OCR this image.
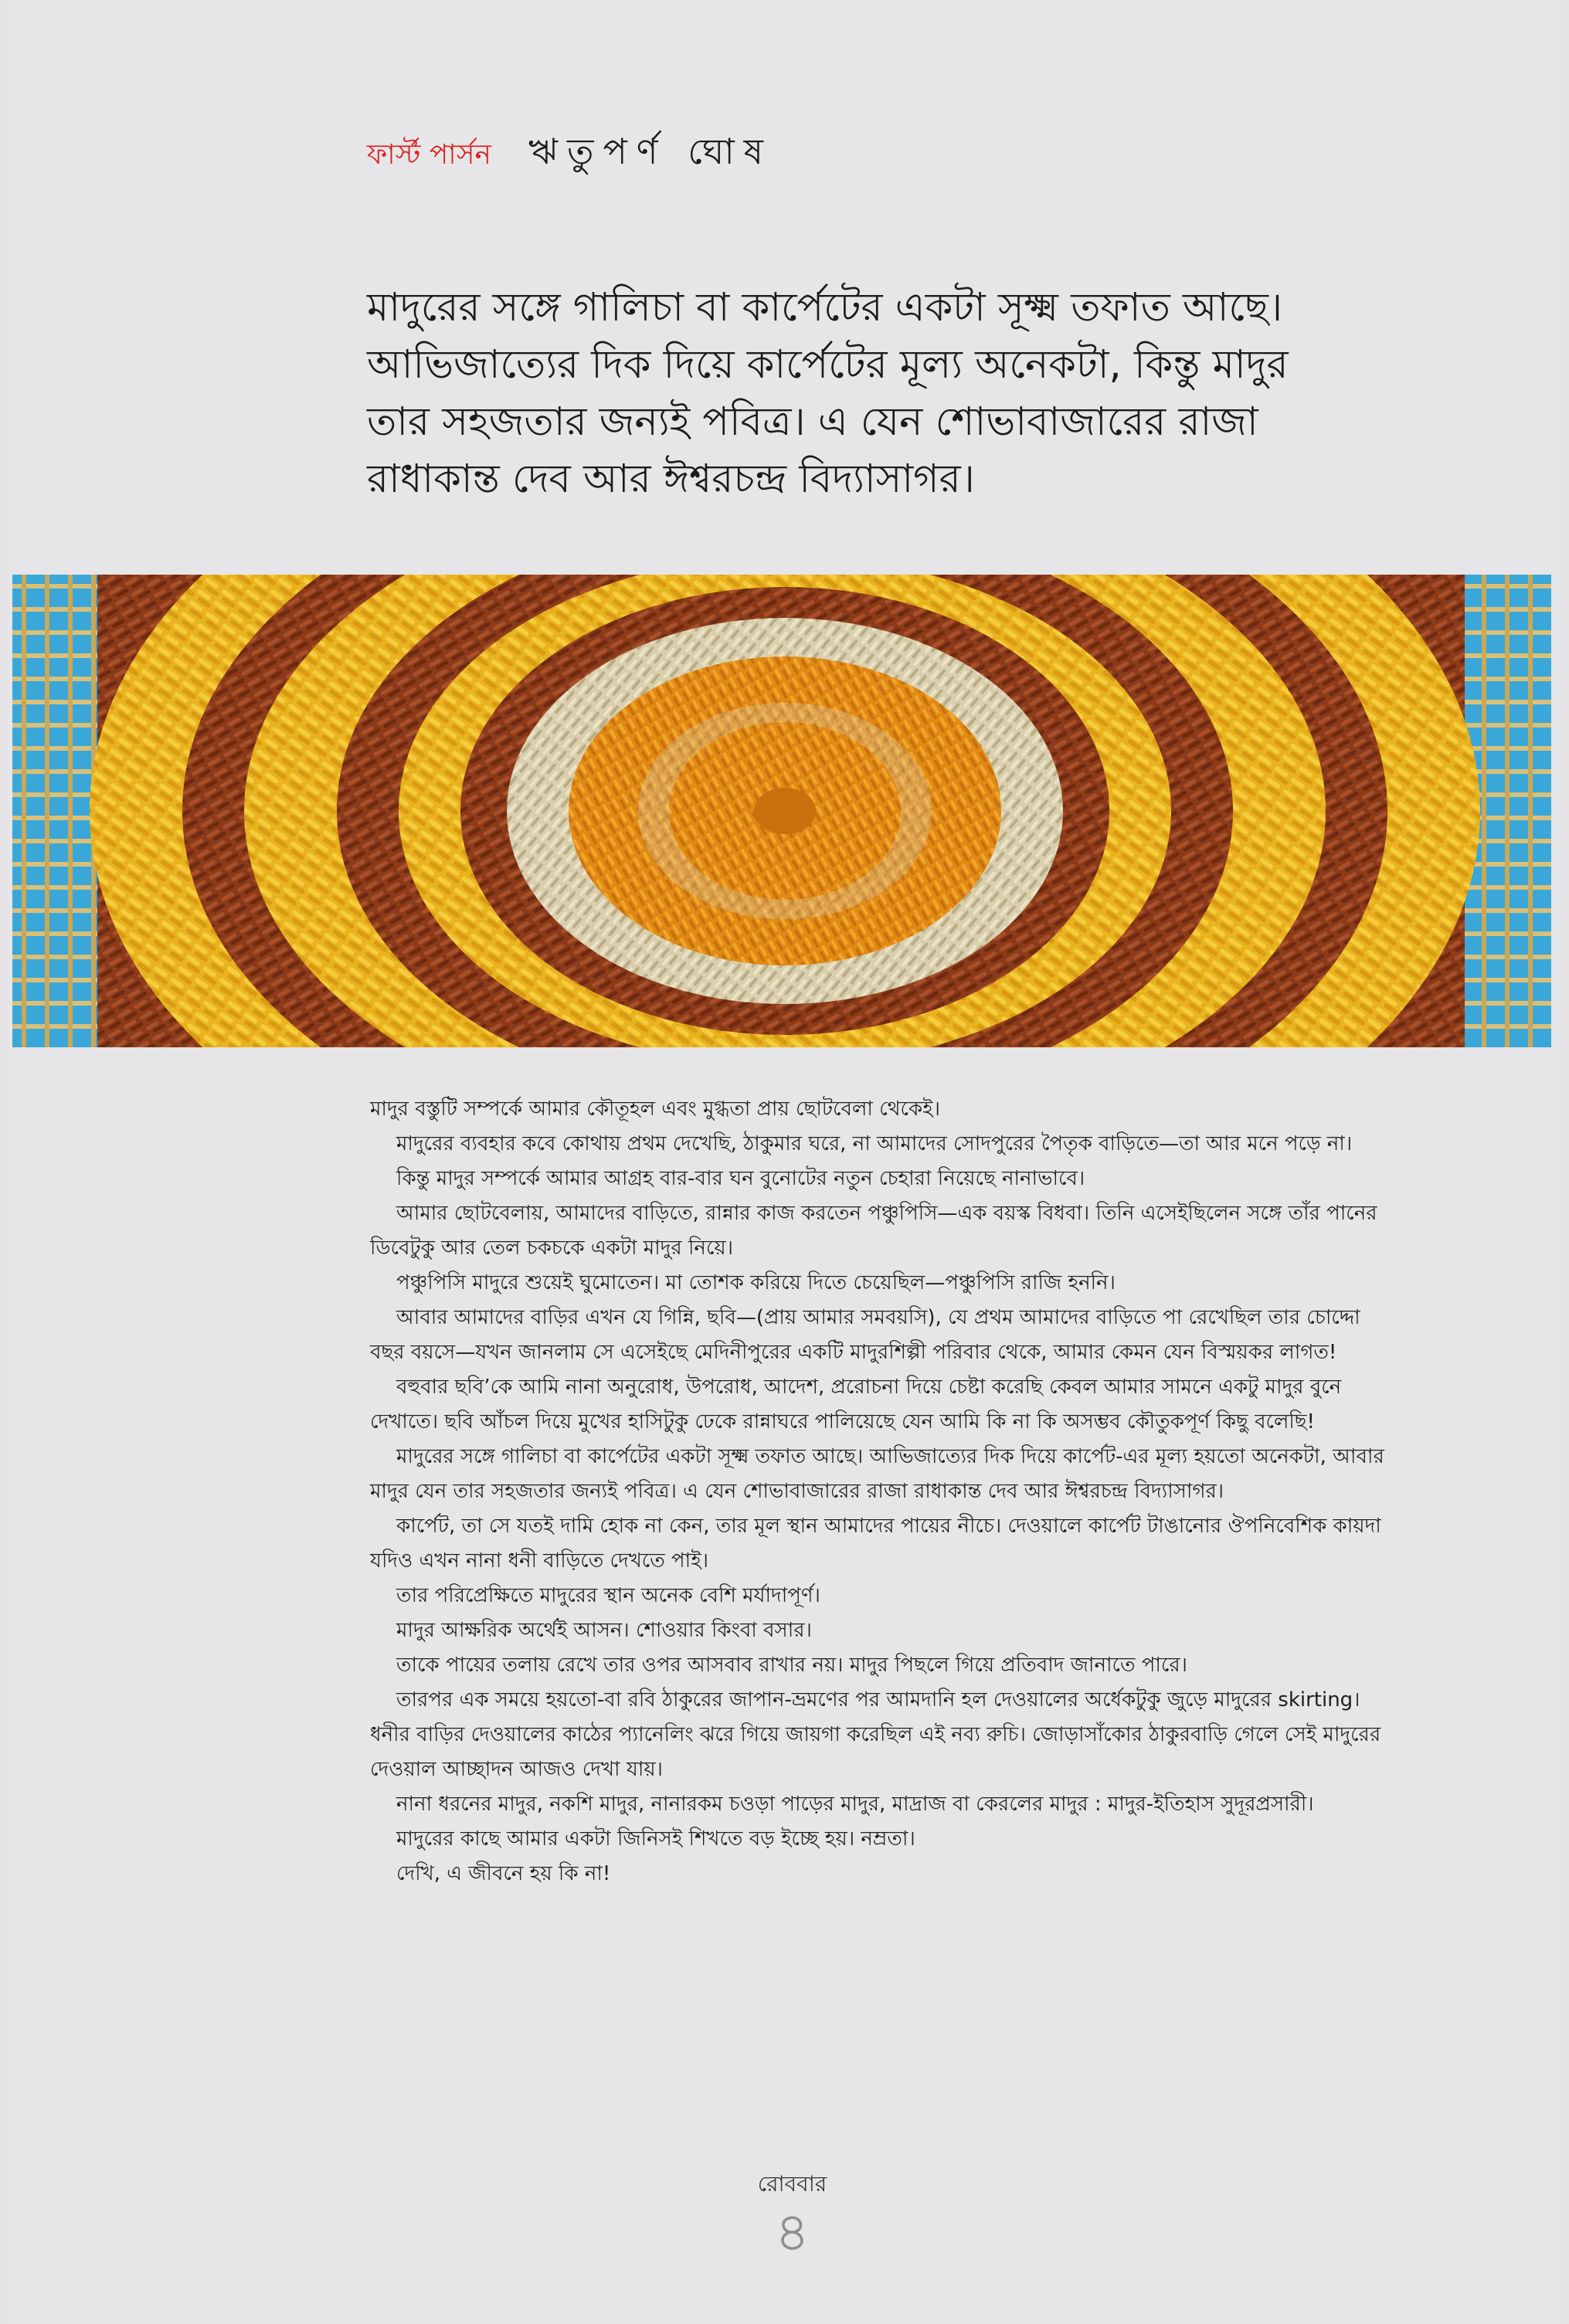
ফার্স্ট পার্সন ঋতুপর্ণ ঘোষ

মাদুরের সঙ্গে গালিচা বা কার্পেটের একটা সূক্ষ্ম তফাত আছে।

আভিজাত্যের দিক দিয়ে কার্পেটের মূল্য অনেকটা, কিন্তু মাদুর

তার সহজতার জন্যই পবিত্র। এ যেন শোভাবাজারের রাজা

রাধাকান্ত দেব আর ঈশ্বরচন্দ্র বিদ্যাসাগর।

মাদুর বস্তুটি সম্পর্কে আমার কৌতূহল এবং মুগ্ধতা প্রায় ছোটবেলা থেকেই।

মাদুরের ব্যবহার কবে কোথায় প্রথম দেখেছি, ঠাকুমার ঘরে, না আমাদের সোদপুরের পৈতৃক বাড়িতে—তা আর মনে পড়ে না।

কিন্তু মাদুর সম্পর্কে আমার আগ্রহ বার-বার ঘন বুনোটের নতুন চেহারা নিয়েছে নানাভাবে।

আমার ছোটবেলায়, আমাদের বাড়িতে, রান্নার কাজ করতেন পঞ্চুপিসি—এক বয়স্ক বিধবা। তিনি এসেইছিলেন সঙ্গে তাঁর পানের ডিবেটুকু আর তেল চকচকে একটা মাদুর নিয়ে।

পঞ্চুপিসি মাদুরে শুয়েই ঘুমোতেন। মা তোশক করিয়ে দিতে চেয়েছিল—পঞ্চুপিসি রাজি হননি।

আবার আমাদের বাড়ির এখন যে গিন্নি, ছবি—(প্রায় আমার সমবয়সি), যে প্রথম আমাদের বাড়িতে পা রেখেছিল তার চোদ্দো বছর বয়সে—যখন জানলাম সে এসেইছে মেদিনীপুরের একটি মাদুরশিল্পী পরিবার থেকে, আমার কেমন যেন বিস্ময়কর লাগত!

বহুবার ছবি’কে আমি নানা অনুরোধ, উপরোধ, আদেশ, প্ররোচনা দিয়ে চেষ্টা করেছি কেবল আমার সামনে একটু মাদুর বুনে দেখাতে। ছবি আঁচল দিয়ে মুখের হাসিটুকু ঢেকে রান্নাঘরে পালিয়েছে যেন আমি কি না কি অসম্ভব কৌতুকপূর্ণ কিছু বলেছি!

মাদুরের সঙ্গে গালিচা বা কার্পেটের একটা সূক্ষ্ম তফাত আছে। আভিজাত্যের দিক দিয়ে কার্পেট-এর মূল্য হয়তো অনেকটা, আবার মাদুর যেন তার সহজতার জন্যই পবিত্র। এ যেন শোভাবাজারের রাজা রাধাকান্ত দেব আর ঈশ্বরচন্দ্র বিদ্যাসাগর।

কার্পেট, তা সে যতই দামি হোক না কেন, তার মূল স্থান আমাদের পায়ের নীচে। দেওয়ালে কার্পেট টাঙানোর ঔপনিবেশিক কায়দা যদিও এখন নানা ধনী বাড়িতে দেখতে পাই।

তার পরিপ্রেক্ষিতে মাদুরের স্থান অনেক বেশি মর্যাদাপূর্ণ।

মাদুর আক্ষরিক অর্থেই আসন। শোওয়ার কিংবা বসার।

তাকে পায়ের তলায় রেখে তার ওপর আসবাব রাখার নয়। মাদুর পিছলে গিয়ে প্রতিবাদ জানাতে পারে।

তারপর এক সময়ে হয়তো-বা রবি ঠাকুরের জাপান-ভ্রমণের পর আমদানি হল দেওয়ালের অর্ধেকটুকু জুড়ে মাদুরের skirting। ধনীর বাড়ির দেওয়ালের কাঠের প্যানেলিং ঝরে গিয়ে জায়গা করেছিল এই নব্য রুচি। জোড়াসাঁকোর ঠাকুরবাড়ি গেলে সেই মাদুরের দেওয়াল আচ্ছাদন আজও দেখা যায়।

নানা ধরনের মাদুর, নকশি মাদুর, নানারকম চওড়া পাড়ের মাদুর, মাদ্রাজ বা কেরলের মাদুর : মাদুর-ইতিহাস সুদূরপ্রসারী।

মাদুরের কাছে আমার একটা জিনিসই শিখতে বড় ইচ্ছে হয়। নম্রতা।

দেখি, এ জীবনে হয় কি না!

রোববার
৪
